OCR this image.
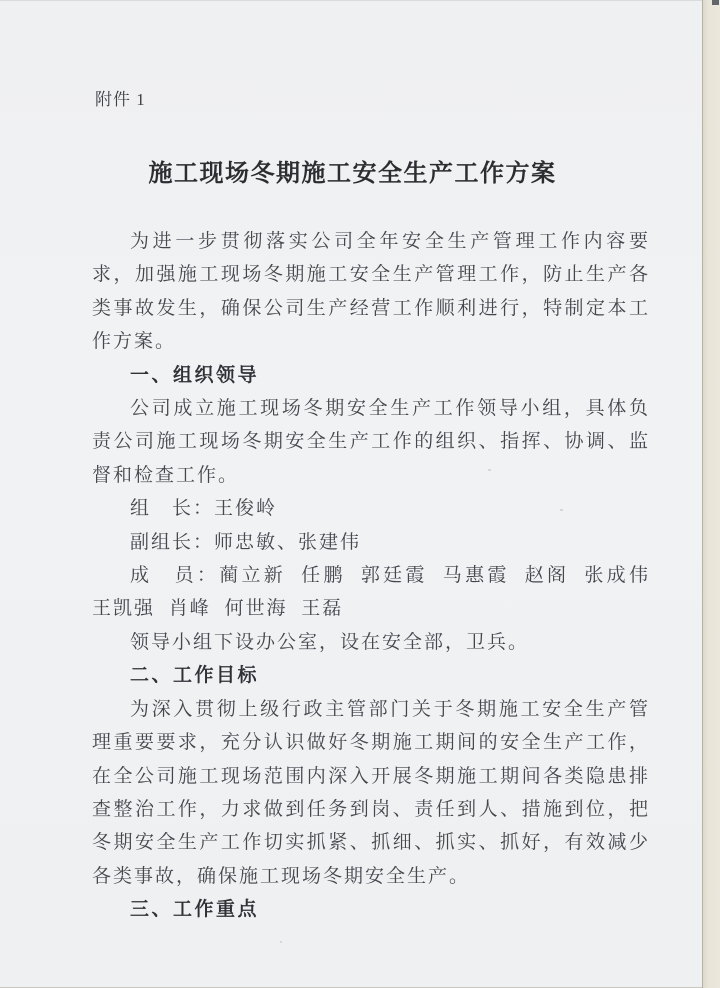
附件 1
施工现场冬期施工安全生产工作方案

为进一步贯彻落实公司全年安全生产管理工作内容要求，加强施工现场冬期施工安全生产管理工作，防止生产各类事故发生，确保公司生产经营工作顺利进行，特制定本工作方案。

一、组织领导

公司成立施工现场冬期安全生产工作领导小组，具体负责公司施工现场冬期安全生产工作的组织、指挥、协调、监督和检查工作。

组　长：王俊岭

副组长：师忠敏、张建伟

成　员：蔺立新 任鹏 郭廷霞 马惠霞 赵阁 张成伟 王凯强 肖峰 何世海 王磊

领导小组下设办公室，设在安全部，卫兵。

二、工作目标

为深入贯彻上级行政主管部门关于冬期施工安全生产管理重要要求，充分认识做好冬期施工期间的安全生产工作，在全公司施工现场范围内深入开展冬期施工期间各类隐患排查整治工作，力求做到任务到岗、责任到人、措施到位，把冬期安全生产工作切实抓紧、抓细、抓实、抓好，有效减少各类事故，确保施工现场冬期安全生产。

三、工作重点
